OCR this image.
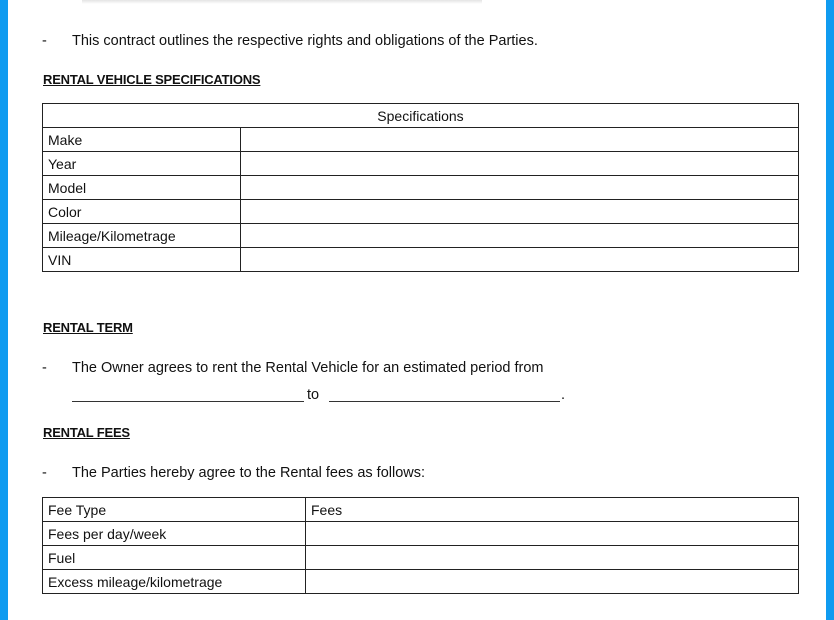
- This contract outlines the respective rights and obligations of the Parties.
RENTAL VEHICLE SPECIFICATIONS
Specifications	
Make	
Year	
Model	
Color	
Mileage/Kilometrage	
VIN	
RENTAL TERM
- The Owner agrees to rent the Rental Vehicle for an estimated period from
to	.
RENTAL FEES
- The Parties hereby agree to the Rental fees as follows:
Fee Type	Fees
Fees per day/week	
Fuel	
Excess mileage/kilometrage	
